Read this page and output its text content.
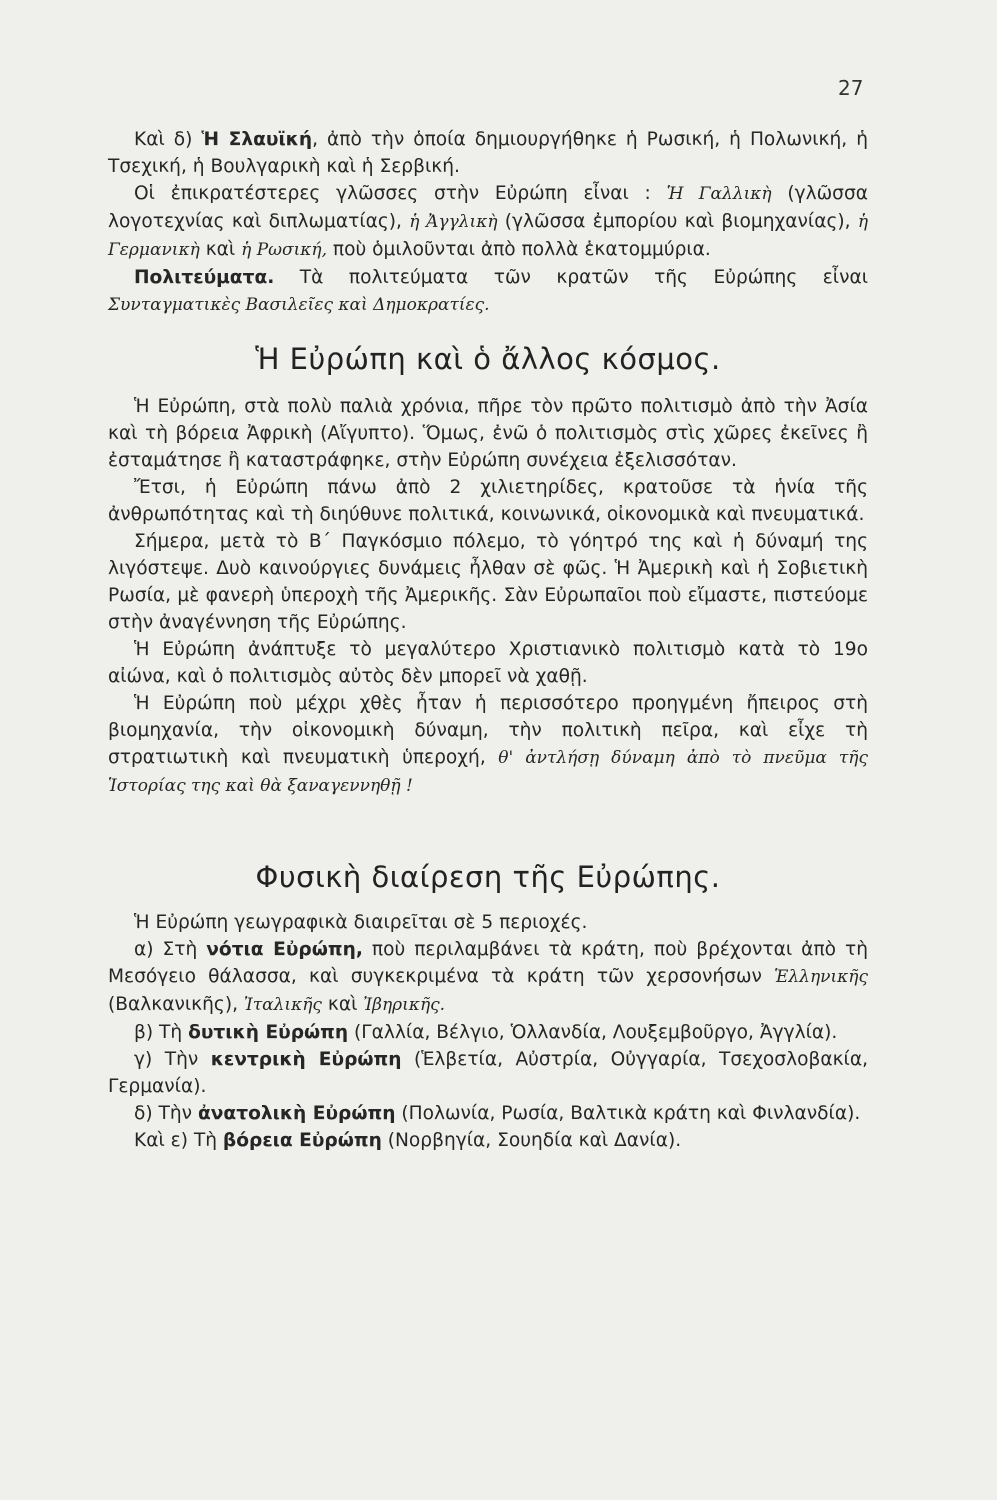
27

Καὶ δ) Ἡ Σλαυϊκή, ἀπὸ τὴν ὁποία δημιουργήθηκε ἡ Ρωσική, ἡ Πολωνική, ἡ Τσεχική, ἡ Βουλγαρικὴ καὶ ἡ Σερβική.

Οἱ ἐπικρατέστερες γλῶσσες στὴν Εὐρώπη εἶναι : Ἡ Γαλλικὴ (γλῶσσα λογοτεχνίας καὶ διπλωματίας), ἡ Ἀγγλικὴ (γλῶσσα ἐμπορίου καὶ βιομηχανίας), ἡ Γερμανικὴ καὶ ἡ Ρωσική, ποὺ ὁμιλοῦνται ἀπὸ πολλὰ ἑκατομμύρια.

Πολιτεύματα. Τὰ πολιτεύματα τῶν κρατῶν τῆς Εὐρώπης εἶναι Συνταγματικὲς Βασιλεῖες καὶ Δημοκρατίες.

Ἡ Εὐρώπη καὶ ὁ ἄλλος κόσμος.

Ἡ Εὐρώπη, στὰ πολὺ παλιὰ χρόνια, πῆρε τὸν πρῶτο πολιτισμὸ ἀπὸ τὴν Ἀσία καὶ τὴ βόρεια Ἀφρικὴ (Αἴγυπτο). Ὅμως, ἐνῶ ὁ πολιτισμὸς στὶς χῶρες ἐκεῖνες ἢ ἐσταμάτησε ἢ καταστράφηκε, στὴν Εὐρώπη συνέχεια ἐξελισσόταν.

Ἔτσι, ἡ Εὐρώπη πάνω ἀπὸ 2 χιλιετηρίδες, κρατοῦσε τὰ ἡνία τῆς ἀνθρωπότητας καὶ τὴ διηύθυνε πολιτικά, κοινωνικά, οἰκονομικὰ καὶ πνευματικά.

Σήμερα, μετὰ τὸ Β΄ Παγκόσμιο πόλεμο, τὸ γόητρό της καὶ ἡ δύναμή της λιγόστεψε. Δυὸ καινούργιες δυνάμεις ἦλθαν σὲ φῶς. Ἡ Ἀμερικὴ καὶ ἡ Σοβιετικὴ Ρωσία, μὲ φανερὴ ὑπεροχὴ τῆς Ἀμερικῆς. Σὰν Εὐρωπαῖοι ποὺ εἴμαστε, πιστεύομε στὴν ἀναγέννηση τῆς Εὐρώπης.

Ἡ Εὐρώπη ἀνάπτυξε τὸ μεγαλύτερο Χριστιανικὸ πολιτισμὸ κατὰ τὸ 19ο αἰώνα, καὶ ὁ πολιτισμὸς αὐτὸς δὲν μπορεῖ νὰ χαθῇ.

Ἡ Εὐρώπη ποὺ μέχρι χθὲς ἦταν ἡ περισσότερο προηγμένη ἤπειρος στὴ βιομηχανία, τὴν οἰκονομικὴ δύναμη, τὴν πολιτικὴ πεῖρα, καὶ εἶχε τὴ στρατιωτικὴ καὶ πνευματικὴ ὑπεροχή, θ' ἀντλήσῃ δύναμη ἀπὸ τὸ πνεῦμα τῆς Ἱστορίας της καὶ θὰ ξαναγεννηθῇ !

Φυσικὴ διαίρεση τῆς Εὐρώπης.

Ἡ Εὐρώπη γεωγραφικὰ διαιρεῖται σὲ 5 περιοχές.

α) Στὴ νότια Εὐρώπη, ποὺ περιλαμβάνει τὰ κράτη, ποὺ βρέχονται ἀπὸ τὴ Μεσόγειο θάλασσα, καὶ συγκεκριμένα τὰ κράτη τῶν χερσονήσων Ἑλληνικῆς (Βαλκανικῆς), Ἰταλικῆς καὶ Ἰβηρικῆς.

β) Τὴ δυτικὴ Εὐρώπη (Γαλλία, Βέλγιο, Ὁλλανδία, Λουξεμβοῦργο, Ἀγγλία).

γ) Τὴν κεντρικὴ Εὐρώπη (Ἑλβετία, Αὐστρία, Οὐγγαρία, Τσεχοσλοβακία, Γερμανία).

δ) Τὴν ἀνατολικὴ Εὐρώπη (Πολωνία, Ρωσία, Βαλτικὰ κράτη καὶ Φινλανδία).

Καὶ ε) Τὴ βόρεια Εὐρώπη (Νορβηγία, Σουηδία καὶ Δανία).
